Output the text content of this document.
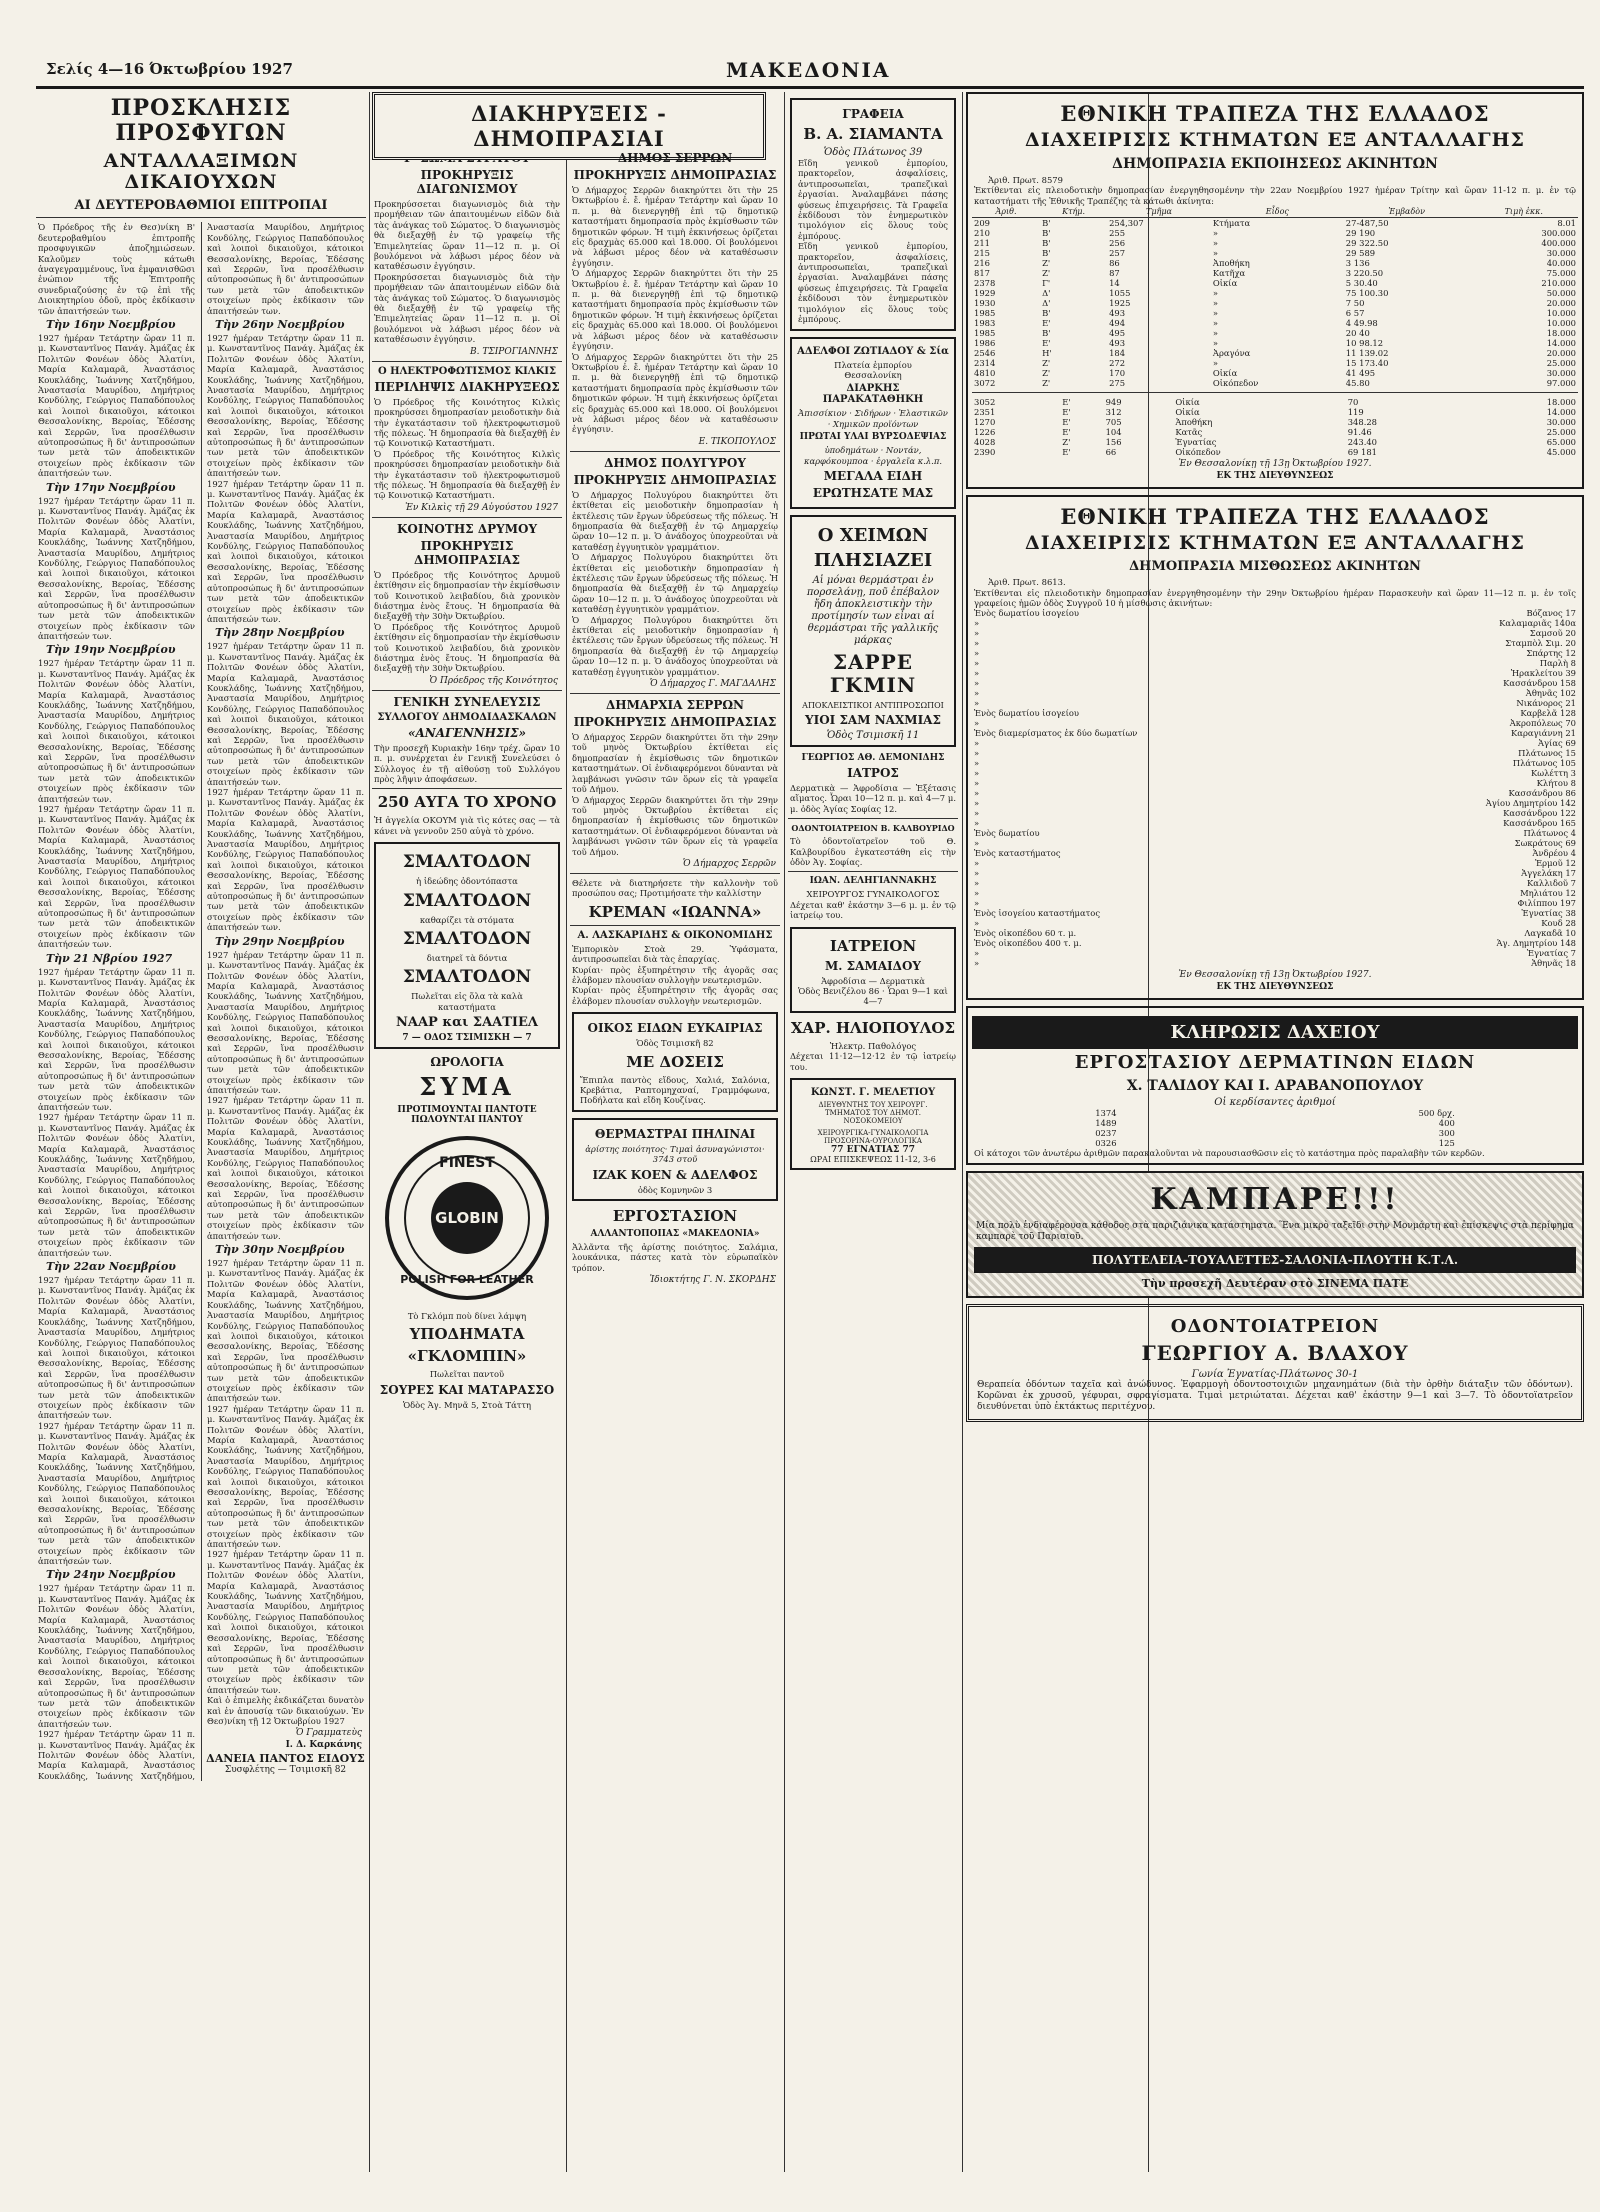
Σελίς 4—16 Όκτωβρίου 1927	ΜΑΚΕΔΟΝΙΑ
ΠΡΟΣΚΛΗΣΙΣ ΠΡΟΣΦΥΓΩΝ
ΑΝΤΑΛΛΑΞΙΜΩΝ ΔΙΚΑΙΟΥΧΩΝ
ΑΙ ΔΕΥΤΕΡΟΒΑΘΜΙΟΙ ΕΠΙΤΡΟΠΑΙ

Ὁ Πρόεδρος τῆς ἐν Θεσ)νίκη Β' δευτεροβαθμίου ἐπιτροπῆς προσφυγικῶν ἀποζημιώσεων. Καλοῦμεν τοὺς κάτωθι ἀναγεγραμμένους, ἵνα ἐμφανισθῶσι ἐνώπιον τῆς Ἐπιτροπῆς συνεδριαζούσης ἐν τῷ ἐπὶ τῆς Διοικητηρίου ὁδοῦ, πρὸς ἐκδίκασιν τῶν ἀπαιτήσεών των.

Τὴν 16ην Νοεμβρίου

1927 ἡμέραν Τετάρτην ὥραν 11 π. μ. Κωνσταντῖνος Πανάγ. Ἀμάζας ἐκ Πολιτῶν Φονέων ὁδὸς Ἀλατίνι, Μαρία Καλαμαρᾶ, Ἀναστάσιος Κουκλάδης, Ἰωάννης Χατζηδήμου, Ἀναστασία Μαυρίδου, Δημήτριος Κονδύλης, Γεώργιος Παπαδόπουλος καὶ λοιποὶ δικαιοῦχοι, κάτοικοι Θεσσαλονίκης, Βεροίας, Ἐδέσσης καὶ Σερρῶν, ἵνα προσέλθωσιν αὐτοπροσώπως ἢ δι' ἀντιπροσώπων των μετὰ τῶν ἀποδεικτικῶν στοιχείων πρὸς ἐκδίκασιν τῶν ἀπαιτήσεών των.

Τὴν 17ην Νοεμβρίου

1927 ἡμέραν Τετάρτην ὥραν 11 π. μ. Κωνσταντῖνος Πανάγ. Ἀμάζας ἐκ Πολιτῶν Φονέων ὁδὸς Ἀλατίνι, Μαρία Καλαμαρᾶ, Ἀναστάσιος Κουκλάδης, Ἰωάννης Χατζηδήμου, Ἀναστασία Μαυρίδου, Δημήτριος Κονδύλης, Γεώργιος Παπαδόπουλος καὶ λοιποὶ δικαιοῦχοι, κάτοικοι Θεσσαλονίκης, Βεροίας, Ἐδέσσης καὶ Σερρῶν, ἵνα προσέλθωσιν αὐτοπροσώπως ἢ δι' ἀντιπροσώπων των μετὰ τῶν ἀποδεικτικῶν στοιχείων πρὸς ἐκδίκασιν τῶν ἀπαιτήσεών των.

Τὴν 19ην Νοεμβρίου

1927 ἡμέραν Τετάρτην ὥραν 11 π. μ. Κωνσταντῖνος Πανάγ. Ἀμάζας ἐκ Πολιτῶν Φονέων ὁδὸς Ἀλατίνι, Μαρία Καλαμαρᾶ, Ἀναστάσιος Κουκλάδης, Ἰωάννης Χατζηδήμου, Ἀναστασία Μαυρίδου, Δημήτριος Κονδύλης, Γεώργιος Παπαδόπουλος καὶ λοιποὶ δικαιοῦχοι, κάτοικοι Θεσσαλονίκης, Βεροίας, Ἐδέσσης καὶ Σερρῶν, ἵνα προσέλθωσιν αὐτοπροσώπως ἢ δι' ἀντιπροσώπων των μετὰ τῶν ἀποδεικτικῶν στοιχείων πρὸς ἐκδίκασιν τῶν ἀπαιτήσεών των.

1927 ἡμέραν Τετάρτην ὥραν 11 π. μ. Κωνσταντῖνος Πανάγ. Ἀμάζας ἐκ Πολιτῶν Φονέων ὁδὸς Ἀλατίνι, Μαρία Καλαμαρᾶ, Ἀναστάσιος Κουκλάδης, Ἰωάννης Χατζηδήμου, Ἀναστασία Μαυρίδου, Δημήτριος Κονδύλης, Γεώργιος Παπαδόπουλος καὶ λοιποὶ δικαιοῦχοι, κάτοικοι Θεσσαλονίκης, Βεροίας, Ἐδέσσης καὶ Σερρῶν, ἵνα προσέλθωσιν αὐτοπροσώπως ἢ δι' ἀντιπροσώπων των μετὰ τῶν ἀποδεικτικῶν στοιχείων πρὸς ἐκδίκασιν τῶν ἀπαιτήσεών των.

Τὴν 21 Νβρίου 1927

1927 ἡμέραν Τετάρτην ὥραν 11 π. μ. Κωνσταντῖνος Πανάγ. Ἀμάζας ἐκ Πολιτῶν Φονέων ὁδὸς Ἀλατίνι, Μαρία Καλαμαρᾶ, Ἀναστάσιος Κουκλάδης, Ἰωάννης Χατζηδήμου, Ἀναστασία Μαυρίδου, Δημήτριος Κονδύλης, Γεώργιος Παπαδόπουλος καὶ λοιποὶ δικαιοῦχοι, κάτοικοι Θεσσαλονίκης, Βεροίας, Ἐδέσσης καὶ Σερρῶν, ἵνα προσέλθωσιν αὐτοπροσώπως ἢ δι' ἀντιπροσώπων των μετὰ τῶν ἀποδεικτικῶν στοιχείων πρὸς ἐκδίκασιν τῶν ἀπαιτήσεών των.

1927 ἡμέραν Τετάρτην ὥραν 11 π. μ. Κωνσταντῖνος Πανάγ. Ἀμάζας ἐκ Πολιτῶν Φονέων ὁδὸς Ἀλατίνι, Μαρία Καλαμαρᾶ, Ἀναστάσιος Κουκλάδης, Ἰωάννης Χατζηδήμου, Ἀναστασία Μαυρίδου, Δημήτριος Κονδύλης, Γεώργιος Παπαδόπουλος καὶ λοιποὶ δικαιοῦχοι, κάτοικοι Θεσσαλονίκης, Βεροίας, Ἐδέσσης καὶ Σερρῶν, ἵνα προσέλθωσιν αὐτοπροσώπως ἢ δι' ἀντιπροσώπων των μετὰ τῶν ἀποδεικτικῶν στοιχείων πρὸς ἐκδίκασιν τῶν ἀπαιτήσεών των.

Τὴν 22αν Νοεμβρίου

1927 ἡμέραν Τετάρτην ὥραν 11 π. μ. Κωνσταντῖνος Πανάγ. Ἀμάζας ἐκ Πολιτῶν Φονέων ὁδὸς Ἀλατίνι, Μαρία Καλαμαρᾶ, Ἀναστάσιος Κουκλάδης, Ἰωάννης Χατζηδήμου, Ἀναστασία Μαυρίδου, Δημήτριος Κονδύλης, Γεώργιος Παπαδόπουλος καὶ λοιποὶ δικαιοῦχοι, κάτοικοι Θεσσαλονίκης, Βεροίας, Ἐδέσσης καὶ Σερρῶν, ἵνα προσέλθωσιν αὐτοπροσώπως ἢ δι' ἀντιπροσώπων των μετὰ τῶν ἀποδεικτικῶν στοιχείων πρὸς ἐκδίκασιν τῶν ἀπαιτήσεών των.

1927 ἡμέραν Τετάρτην ὥραν 11 π. μ. Κωνσταντῖνος Πανάγ. Ἀμάζας ἐκ Πολιτῶν Φονέων ὁδὸς Ἀλατίνι, Μαρία Καλαμαρᾶ, Ἀναστάσιος Κουκλάδης, Ἰωάννης Χατζηδήμου, Ἀναστασία Μαυρίδου, Δημήτριος Κονδύλης, Γεώργιος Παπαδόπουλος καὶ λοιποὶ δικαιοῦχοι, κάτοικοι Θεσσαλονίκης, Βεροίας, Ἐδέσσης καὶ Σερρῶν, ἵνα προσέλθωσιν αὐτοπροσώπως ἢ δι' ἀντιπροσώπων των μετὰ τῶν ἀποδεικτικῶν στοιχείων πρὸς ἐκδίκασιν τῶν ἀπαιτήσεών των.

Τὴν 24ην Νοεμβρίου

1927 ἡμέραν Τετάρτην ὥραν 11 π. μ. Κωνσταντῖνος Πανάγ. Ἀμάζας ἐκ Πολιτῶν Φονέων ὁδὸς Ἀλατίνι, Μαρία Καλαμαρᾶ, Ἀναστάσιος Κουκλάδης, Ἰωάννης Χατζηδήμου, Ἀναστασία Μαυρίδου, Δημήτριος Κονδύλης, Γεώργιος Παπαδόπουλος καὶ λοιποὶ δικαιοῦχοι, κάτοικοι Θεσσαλονίκης, Βεροίας, Ἐδέσσης καὶ Σερρῶν, ἵνα προσέλθωσιν αὐτοπροσώπως ἢ δι' ἀντιπροσώπων των μετὰ τῶν ἀποδεικτικῶν στοιχείων πρὸς ἐκδίκασιν τῶν ἀπαιτήσεών των.

1927 ἡμέραν Τετάρτην ὥραν 11 π. μ. Κωνσταντῖνος Πανάγ. Ἀμάζας ἐκ Πολιτῶν Φονέων ὁδὸς Ἀλατίνι, Μαρία Καλαμαρᾶ, Ἀναστάσιος Κουκλάδης, Ἰωάννης Χατζηδήμου, Ἀναστασία Μαυρίδου, Δημήτριος Κονδύλης, Γεώργιος Παπαδόπουλος καὶ λοιποὶ δικαιοῦχοι, κάτοικοι Θεσσαλονίκης, Βεροίας, Ἐδέσσης καὶ Σερρῶν, ἵνα προσέλθωσιν αὐτοπροσώπως ἢ δι' ἀντιπροσώπων των μετὰ τῶν ἀποδεικτικῶν στοιχείων πρὸς ἐκδίκασιν τῶν ἀπαιτήσεών των.

Τὴν 26ην Νοεμβρίου

1927 ἡμέραν Τετάρτην ὥραν 11 π. μ. Κωνσταντῖνος Πανάγ. Ἀμάζας ἐκ Πολιτῶν Φονέων ὁδὸς Ἀλατίνι, Μαρία Καλαμαρᾶ, Ἀναστάσιος Κουκλάδης, Ἰωάννης Χατζηδήμου, Ἀναστασία Μαυρίδου, Δημήτριος Κονδύλης, Γεώργιος Παπαδόπουλος καὶ λοιποὶ δικαιοῦχοι, κάτοικοι Θεσσαλονίκης, Βεροίας, Ἐδέσσης καὶ Σερρῶν, ἵνα προσέλθωσιν αὐτοπροσώπως ἢ δι' ἀντιπροσώπων των μετὰ τῶν ἀποδεικτικῶν στοιχείων πρὸς ἐκδίκασιν τῶν ἀπαιτήσεών των.

1927 ἡμέραν Τετάρτην ὥραν 11 π. μ. Κωνσταντῖνος Πανάγ. Ἀμάζας ἐκ Πολιτῶν Φονέων ὁδὸς Ἀλατίνι, Μαρία Καλαμαρᾶ, Ἀναστάσιος Κουκλάδης, Ἰωάννης Χατζηδήμου, Ἀναστασία Μαυρίδου, Δημήτριος Κονδύλης, Γεώργιος Παπαδόπουλος καὶ λοιποὶ δικαιοῦχοι, κάτοικοι Θεσσαλονίκης, Βεροίας, Ἐδέσσης καὶ Σερρῶν, ἵνα προσέλθωσιν αὐτοπροσώπως ἢ δι' ἀντιπροσώπων των μετὰ τῶν ἀποδεικτικῶν στοιχείων πρὸς ἐκδίκασιν τῶν ἀπαιτήσεών των.

Τὴν 28ην Νοεμβρίου

1927 ἡμέραν Τετάρτην ὥραν 11 π. μ. Κωνσταντῖνος Πανάγ. Ἀμάζας ἐκ Πολιτῶν Φονέων ὁδὸς Ἀλατίνι, Μαρία Καλαμαρᾶ, Ἀναστάσιος Κουκλάδης, Ἰωάννης Χατζηδήμου, Ἀναστασία Μαυρίδου, Δημήτριος Κονδύλης, Γεώργιος Παπαδόπουλος καὶ λοιποὶ δικαιοῦχοι, κάτοικοι Θεσσαλονίκης, Βεροίας, Ἐδέσσης καὶ Σερρῶν, ἵνα προσέλθωσιν αὐτοπροσώπως ἢ δι' ἀντιπροσώπων των μετὰ τῶν ἀποδεικτικῶν στοιχείων πρὸς ἐκδίκασιν τῶν ἀπαιτήσεών των.

1927 ἡμέραν Τετάρτην ὥραν 11 π. μ. Κωνσταντῖνος Πανάγ. Ἀμάζας ἐκ Πολιτῶν Φονέων ὁδὸς Ἀλατίνι, Μαρία Καλαμαρᾶ, Ἀναστάσιος Κουκλάδης, Ἰωάννης Χατζηδήμου, Ἀναστασία Μαυρίδου, Δημήτριος Κονδύλης, Γεώργιος Παπαδόπουλος καὶ λοιποὶ δικαιοῦχοι, κάτοικοι Θεσσαλονίκης, Βεροίας, Ἐδέσσης καὶ Σερρῶν, ἵνα προσέλθωσιν αὐτοπροσώπως ἢ δι' ἀντιπροσώπων των μετὰ τῶν ἀποδεικτικῶν στοιχείων πρὸς ἐκδίκασιν τῶν ἀπαιτήσεών των.

Τὴν 29ην Νοεμβρίου

1927 ἡμέραν Τετάρτην ὥραν 11 π. μ. Κωνσταντῖνος Πανάγ. Ἀμάζας ἐκ Πολιτῶν Φονέων ὁδὸς Ἀλατίνι, Μαρία Καλαμαρᾶ, Ἀναστάσιος Κουκλάδης, Ἰωάννης Χατζηδήμου, Ἀναστασία Μαυρίδου, Δημήτριος Κονδύλης, Γεώργιος Παπαδόπουλος καὶ λοιποὶ δικαιοῦχοι, κάτοικοι Θεσσαλονίκης, Βεροίας, Ἐδέσσης καὶ Σερρῶν, ἵνα προσέλθωσιν αὐτοπροσώπως ἢ δι' ἀντιπροσώπων των μετὰ τῶν ἀποδεικτικῶν στοιχείων πρὸς ἐκδίκασιν τῶν ἀπαιτήσεών των.

1927 ἡμέραν Τετάρτην ὥραν 11 π. μ. Κωνσταντῖνος Πανάγ. Ἀμάζας ἐκ Πολιτῶν Φονέων ὁδὸς Ἀλατίνι, Μαρία Καλαμαρᾶ, Ἀναστάσιος Κουκλάδης, Ἰωάννης Χατζηδήμου, Ἀναστασία Μαυρίδου, Δημήτριος Κονδύλης, Γεώργιος Παπαδόπουλος καὶ λοιποὶ δικαιοῦχοι, κάτοικοι Θεσσαλονίκης, Βεροίας, Ἐδέσσης καὶ Σερρῶν, ἵνα προσέλθωσιν αὐτοπροσώπως ἢ δι' ἀντιπροσώπων των μετὰ τῶν ἀποδεικτικῶν στοιχείων πρὸς ἐκδίκασιν τῶν ἀπαιτήσεών των.

Τὴν 30ην Νοεμβρίου

1927 ἡμέραν Τετάρτην ὥραν 11 π. μ. Κωνσταντῖνος Πανάγ. Ἀμάζας ἐκ Πολιτῶν Φονέων ὁδὸς Ἀλατίνι, Μαρία Καλαμαρᾶ, Ἀναστάσιος Κουκλάδης, Ἰωάννης Χατζηδήμου, Ἀναστασία Μαυρίδου, Δημήτριος Κονδύλης, Γεώργιος Παπαδόπουλος καὶ λοιποὶ δικαιοῦχοι, κάτοικοι Θεσσαλονίκης, Βεροίας, Ἐδέσσης καὶ Σερρῶν, ἵνα προσέλθωσιν αὐτοπροσώπως ἢ δι' ἀντιπροσώπων των μετὰ τῶν ἀποδεικτικῶν στοιχείων πρὸς ἐκδίκασιν τῶν ἀπαιτήσεών των.

1927 ἡμέραν Τετάρτην ὥραν 11 π. μ. Κωνσταντῖνος Πανάγ. Ἀμάζας ἐκ Πολιτῶν Φονέων ὁδὸς Ἀλατίνι, Μαρία Καλαμαρᾶ, Ἀναστάσιος Κουκλάδης, Ἰωάννης Χατζηδήμου, Ἀναστασία Μαυρίδου, Δημήτριος Κονδύλης, Γεώργιος Παπαδόπουλος καὶ λοιποὶ δικαιοῦχοι, κάτοικοι Θεσσαλονίκης, Βεροίας, Ἐδέσσης καὶ Σερρῶν, ἵνα προσέλθωσιν αὐτοπροσώπως ἢ δι' ἀντιπροσώπων των μετὰ τῶν ἀποδεικτικῶν στοιχείων πρὸς ἐκδίκασιν τῶν ἀπαιτήσεών των.

1927 ἡμέραν Τετάρτην ὥραν 11 π. μ. Κωνσταντῖνος Πανάγ. Ἀμάζας ἐκ Πολιτῶν Φονέων ὁδὸς Ἀλατίνι, Μαρία Καλαμαρᾶ, Ἀναστάσιος Κουκλάδης, Ἰωάννης Χατζηδήμου, Ἀναστασία Μαυρίδου, Δημήτριος Κονδύλης, Γεώργιος Παπαδόπουλος καὶ λοιποὶ δικαιοῦχοι, κάτοικοι Θεσσαλονίκης, Βεροίας, Ἐδέσσης καὶ Σερρῶν, ἵνα προσέλθωσιν αὐτοπροσώπως ἢ δι' ἀντιπροσώπων των μετὰ τῶν ἀποδεικτικῶν στοιχείων πρὸς ἐκδίκασιν τῶν ἀπαιτήσεών των.

Καὶ ὁ ἐπιμελὴς ἐκδικάζεται δυνατὸν καὶ ἐν ἀπουσίᾳ τῶν δικαιούχων. Ἐν Θεσ)νίκη τῇ 12 Ὀκτωβρίου 1927

Ὁ Γραμματεὺς
Ι. Δ. Καρκάνης
ΔΑΝΕΙΑ ΠΑΝΤΟΣ ΕΙΔΟΥΣ
Συσφλέτης — Τσιμισκῆ 82
ΔΙΑΚΗΡΥΞΕΙΣ - ΔΗΜΟΠΡΑΣΙΑΙ
ΠΡΟΚΗΡΥΞΙΣ ΔΙΑΓΩΝΙΣΜΟΥ

Προκηρύσσεται διαγωνισμὸς διὰ τὴν προμήθειαν τῶν ἀπαιτουμένων εἰδῶν διὰ τὰς ἀνάγκας τοῦ Σώματος. Ὁ διαγωνισμὸς θὰ διεξαχθῇ ἐν τῷ γραφείῳ τῆς Ἐπιμελητείας ὥραν 11—12 π. μ. Οἱ βουλόμενοι νὰ λάβωσι μέρος δέον νὰ καταθέσωσιν ἐγγύησιν.

Προκηρύσσεται διαγωνισμὸς διὰ τὴν προμήθειαν τῶν ἀπαιτουμένων εἰδῶν διὰ τὰς ἀνάγκας τοῦ Σώματος. Ὁ διαγωνισμὸς θὰ διεξαχθῇ ἐν τῷ γραφείῳ τῆς Ἐπιμελητείας ὥραν 11—12 π. μ. Οἱ βουλόμενοι νὰ λάβωσι μέρος δέον νὰ καταθέσωσιν ἐγγύησιν.

Β. ΤΣΙΡΟΓΙΑΝΝΗΣ
Ο ΗΛΕΚΤΡΟΦΩΤΙΣΜΟΣ ΚΙΛΚΙΣ
ΠΕΡΙΛΗΨΙΣ ΔΙΑΚΗΡΥΞΕΩΣ

Ὁ Πρόεδρος τῆς Κοινότητος Κιλκὶς προκηρύσσει δημοπρασίαν μειοδοτικὴν διὰ τὴν ἐγκατάστασιν τοῦ ἠλεκτροφωτισμοῦ τῆς πόλεως. Ἡ δημοπρασία θὰ διεξαχθῇ ἐν τῷ Κοινοτικῷ Καταστήματι.

Ὁ Πρόεδρος τῆς Κοινότητος Κιλκὶς προκηρύσσει δημοπρασίαν μειοδοτικὴν διὰ τὴν ἐγκατάστασιν τοῦ ἠλεκτροφωτισμοῦ τῆς πόλεως. Ἡ δημοπρασία θὰ διεξαχθῇ ἐν τῷ Κοινοτικῷ Καταστήματι.

Ἐν Κιλκὶς τῇ 29 Αὐγούστου 1927
ΚΟΙΝΟΤΗΣ ΔΡΥΜΟΥ
ΠΡΟΚΗΡΥΞΙΣ ΔΗΜΟΠΡΑΣΙΑΣ

Ὁ Πρόεδρος τῆς Κοινότητος Δρυμοῦ ἐκτίθησιν εἰς δημοπρασίαν τὴν ἐκμίσθωσιν τοῦ Κοινοτικοῦ λειβαδίου, διὰ χρονικὸν διάστημα ἑνὸς ἔτους. Ἡ δημοπρασία θὰ διεξαχθῇ τὴν 30ὴν Ὀκτωβρίου.

Ὁ Πρόεδρος τῆς Κοινότητος Δρυμοῦ ἐκτίθησιν εἰς δημοπρασίαν τὴν ἐκμίσθωσιν τοῦ Κοινοτικοῦ λειβαδίου, διὰ χρονικὸν διάστημα ἑνὸς ἔτους. Ἡ δημοπρασία θὰ διεξαχθῇ τὴν 30ὴν Ὀκτωβρίου.

Ὁ Πρόεδρος τῆς Κοινότητος
ΓΕΝΙΚΗ ΣΥΝΕΛΕΥΣΙΣ
ΣΥΛΛΟΓΟΥ ΔΗΜΟΔΙΔΑΣΚΑΛΩΝ
«ΑΝΑΓΕΝΝΗΣΙΣ»

Τὴν προσεχῆ Κυριακὴν 16ην τρέχ. ὥραν 10 π. μ. συνέρχεται ἐν Γενικῇ Συνελεύσει ὁ Σύλλογος ἐν τῇ αἰθούσῃ τοῦ Συλλόγου πρὸς λῆψιν ἀποφάσεων.

250 ΑΥΓΑ ΤΟ ΧΡΟΝΟ

Ἡ ἀγγελία ΟΚΟΥΜ γιὰ τὶς κότες σας — τὰ κάνει νὰ γεννοῦν 250 αὐγὰ τὸ χρόνο.

ΣΜΑΛΤΟΔΟΝ
ἡ ἰδεώδης ὀδοντόπαστα
ΣΜΑΛΤΟΔΟΝ
καθαρίζει τὰ στόματα
ΣΜΑΛΤΟΔΟΝ
διατηρεῖ τὰ δόντια
ΣΜΑΛΤΟΔΟΝ
Πωλεῖται εἰς ὅλα τὰ καλὰ καταστήματα
ΝΑΑΡ και ΣΑΑΤΙΕΛ
7 — ΟΔΟΣ ΤΣΙΜΙΣΚΗ — 7
ΩΡΟΛΟΓΙΑ
ΣΥΜΑ
ΠΡΟΤΙΜΟΥΝΤΑΙ ΠΑΝΤΟΤΕ ΠΩΛΟΥΝΤΑΙ ΠΑΝΤΟΥ
FINEST
GLOBIN
POLISH FOR LEATHER
Τὸ Γκλόμπ ποὺ δίνει λάμψη
ΥΠΟΔΗΜΑΤΑ
«ΓΚΛΟΜΠΙΝ»
Πωλεῖται παντοῦ
ΣΟΥΡΕΣ ΚΑΙ ΜΑΤΑΡΑΣΣΟ
Ὁδὸς Ἁγ. Μηνᾶ 5, Στοὰ Τάττη
ΔΗΜΟΣ ΣΕΡΡΩΝ
ΠΡΟΚΗΡΥΞΙΣ ΔΗΜΟΠΡΑΣΙΑΣ

Ὁ Δήμαρχος Σερρῶν διακηρύττει ὅτι τὴν 25 Ὀκτωβρίου ἐ. ἔ. ἡμέραν Τετάρτην καὶ ὥραν 10 π. μ. θὰ διενεργηθῇ ἐπὶ τῷ δημοτικῷ καταστήματι δημοπρασία πρὸς ἐκμίσθωσιν τῶν δημοτικῶν φόρων. Ἡ τιμὴ ἐκκινήσεως ὁρίζεται εἰς δραχμὰς 65.000 καὶ 18.000. Οἱ βουλόμενοι νὰ λάβωσι μέρος δέον νὰ καταθέσωσιν ἐγγύησιν.

Ὁ Δήμαρχος Σερρῶν διακηρύττει ὅτι τὴν 25 Ὀκτωβρίου ἐ. ἔ. ἡμέραν Τετάρτην καὶ ὥραν 10 π. μ. θὰ διενεργηθῇ ἐπὶ τῷ δημοτικῷ καταστήματι δημοπρασία πρὸς ἐκμίσθωσιν τῶν δημοτικῶν φόρων. Ἡ τιμὴ ἐκκινήσεως ὁρίζεται εἰς δραχμὰς 65.000 καὶ 18.000. Οἱ βουλόμενοι νὰ λάβωσι μέρος δέον νὰ καταθέσωσιν ἐγγύησιν.

Ὁ Δήμαρχος Σερρῶν διακηρύττει ὅτι τὴν 25 Ὀκτωβρίου ἐ. ἔ. ἡμέραν Τετάρτην καὶ ὥραν 10 π. μ. θὰ διενεργηθῇ ἐπὶ τῷ δημοτικῷ καταστήματι δημοπρασία πρὸς ἐκμίσθωσιν τῶν δημοτικῶν φόρων. Ἡ τιμὴ ἐκκινήσεως ὁρίζεται εἰς δραχμὰς 65.000 καὶ 18.000. Οἱ βουλόμενοι νὰ λάβωσι μέρος δέον νὰ καταθέσωσιν ἐγγύησιν.

Ε. ΤΙΚΟΠΟΥΛΟΣ
ΔΗΜΟΣ ΠΟΛΥΓΥΡΟΥ
ΠΡΟΚΗΡΥΞΙΣ ΔΗΜΟΠΡΑΣΙΑΣ

Ὁ Δήμαρχος Πολυγύρου διακηρύττει ὅτι ἐκτίθεται εἰς μειοδοτικὴν δημοπρασίαν ἡ ἐκτέλεσις τῶν ἔργων ὑδρεύσεως τῆς πόλεως. Ἡ δημοπρασία θὰ διεξαχθῇ ἐν τῷ Δημαρχείῳ ὥραν 10—12 π. μ. Ὁ ἀνάδοχος ὑποχρεοῦται νὰ καταθέσῃ ἐγγυητικὸν γραμμάτιον.

Ὁ Δήμαρχος Πολυγύρου διακηρύττει ὅτι ἐκτίθεται εἰς μειοδοτικὴν δημοπρασίαν ἡ ἐκτέλεσις τῶν ἔργων ὑδρεύσεως τῆς πόλεως. Ἡ δημοπρασία θὰ διεξαχθῇ ἐν τῷ Δημαρχείῳ ὥραν 10—12 π. μ. Ὁ ἀνάδοχος ὑποχρεοῦται νὰ καταθέσῃ ἐγγυητικὸν γραμμάτιον.

Ὁ Δήμαρχος Πολυγύρου διακηρύττει ὅτι ἐκτίθεται εἰς μειοδοτικὴν δημοπρασίαν ἡ ἐκτέλεσις τῶν ἔργων ὑδρεύσεως τῆς πόλεως. Ἡ δημοπρασία θὰ διεξαχθῇ ἐν τῷ Δημαρχείῳ ὥραν 10—12 π. μ. Ὁ ἀνάδοχος ὑποχρεοῦται νὰ καταθέσῃ ἐγγυητικὸν γραμμάτιον.

Ὁ Δήμαρχος Γ. ΜΑΓΔΑΛΗΣ
ΔΗΜΑΡΧΙΑ ΣΕΡΡΩΝ
ΠΡΟΚΗΡΥΞΙΣ ΔΗΜΟΠΡΑΣΙΑΣ

Ὁ Δήμαρχος Σερρῶν διακηρύττει ὅτι τὴν 29ην τοῦ μηνὸς Ὀκτωβρίου ἐκτίθεται εἰς δημοπρασίαν ἡ ἐκμίσθωσις τῶν δημοτικῶν καταστημάτων. Οἱ ἐνδιαφερόμενοι δύνανται νὰ λαμβάνωσι γνῶσιν τῶν ὅρων εἰς τὰ γραφεῖα τοῦ Δήμου.

Ὁ Δήμαρχος Σερρῶν διακηρύττει ὅτι τὴν 29ην τοῦ μηνὸς Ὀκτωβρίου ἐκτίθεται εἰς δημοπρασίαν ἡ ἐκμίσθωσις τῶν δημοτικῶν καταστημάτων. Οἱ ἐνδιαφερόμενοι δύνανται νὰ λαμβάνωσι γνῶσιν τῶν ὅρων εἰς τὰ γραφεῖα τοῦ Δήμου.

Ὁ Δήμαρχος Σερρῶν

Θέλετε νὰ διατηρήσετε τὴν καλλονὴν τοῦ προσώπου σας; Προτιμήσατε τὴν καλλίστην

ΚΡΕΜΑΝ «ΙΩΑΝΝΑ»
Α. ΛΑΣΚΑΡΙΔΗΣ & ΟΙΚΟΝΟΜΙΔΗΣ

Ἐμπορικὸν Στοὰ 29. Ὑφάσματα, ἀντιπροσωπεῖαι διὰ τὰς ἐπαρχίας.

Κυρίαι· πρὸς ἐξυπηρέτησιν τῆς ἀγορᾶς σας ἐλάβομεν πλουσίαν συλλογὴν νεωτερισμῶν.

Κυρίαι· πρὸς ἐξυπηρέτησιν τῆς ἀγορᾶς σας ἐλάβομεν πλουσίαν συλλογὴν νεωτερισμῶν.

ΟΙΚΟΣ ΕΙΔΩΝ ΕΥΚΑΙΡΙΑΣ
Ὁδὸς Τσιμισκῆ 82
ΜΕ ΔΟΣΕΙΣ

Ἔπιπλα παντὸς εἴδους, Χαλιά, Σαλόνια, Κρεβάτια, Ραπτομηχαναί, Γραμμόφωνα, Ποδήλατα καὶ εἴδη Κουζίνας.

ΘΕΡΜΑΣΤΡΑΙ ΠΗΛΙΝΑΙ

ἀρίστης ποιότητος· Τιμαὶ ἀσυναγώνιστοι· 3743 στοῦ

ΙΖΑΚ ΚΟΕΝ & ΑΔΕΛΦΟΣ
ὁδὸς Κομνηνῶν 3
ΕΡΓΟΣΤΑΣΙΟΝ
ΑΛΛΑΝΤΟΠΟΙΙΑΣ «ΜΑΚΕΔΟΝΙΑ»

Ἀλλᾶντα τῆς ἀρίστης ποιότητος. Σαλάμια, λουκάνικα, πάστες κατὰ τὸν εὐρωπαϊκὸν τρόπον.

Ἰδιοκτήτης Γ. Ν. ΣΚΟΡΔΗΣ
ΓΡΑΦΕΙΑ
Β. Α. ΣΙΑΜΑΝΤΑ
Ὁδὸς Πλάτωνος 39

Εἴδη γενικοῦ ἐμπορίου, πρακτορεῖον, ἀσφαλίσεις, ἀντιπροσωπεῖαι, τραπεζικαὶ ἐργασίαι. Ἀναλαμβάνει πάσης φύσεως ἐπιχειρήσεις. Τὰ Γραφεῖα ἐκδίδουσι τὸν ἐνημερωτικὸν τιμολόγιον εἰς ὅλους τοὺς ἐμπόρους.

Εἴδη γενικοῦ ἐμπορίου, πρακτορεῖον, ἀσφαλίσεις, ἀντιπροσωπεῖαι, τραπεζικαὶ ἐργασίαι. Ἀναλαμβάνει πάσης φύσεως ἐπιχειρήσεις. Τὰ Γραφεῖα ἐκδίδουσι τὸν ἐνημερωτικὸν τιμολόγιον εἰς ὅλους τοὺς ἐμπόρους.

ΑΔΕΛΦΟΙ ΖΩΤΙΑΔΟΥ & Σία
Πλατεία ἐμπορίου
Θεσσαλονίκη
ΔΙΑΡΚΗΣ ΠΑΡΑΚΑΤΑΘΗΚΗ
Ἀπισσίκιον · Σιδήρων · Ἐλαστικῶν · Χημικῶν προϊόντων
ΠΡΩΤΑΙ ΥΛΑΙ ΒΥΡΣΟΔΕΨΙΑΣ
ὑποδημάτων · Νοντάν, καρφόκουμποα · ἐργαλεῖα κ.λ.π.
ΜΕΓΑΛΑ ΕΙΔΗ
ΕΡΩΤΗΣΑΤΕ ΜΑΣ
Ο ΧΕΙΜΩΝ
ΠΛΗΣΙΑΖΕΙ

Αἱ μόναι θερμάστραι ἐν πορσελάνῃ, ποῦ ἐπέβαλον ἤδη ἀποκλειστικὴν τὴν προτίμησίν των εἶναι αἱ θερμάστραι τῆς γαλλικῆς μάρκας

ΣΑΡΡΕ ΓΚΜΙΝ
ΑΠΟΚΛΕΙΣΤΙΚΟΙ ΑΝΤΙΠΡΟΣΩΠΟΙ
ΥΙΟΙ ΣΑΜ ΝΑΧΜΙΑΣ
Ὁδὸς Τσιμισκῆ 11
ΓΕΩΡΓΙΟΣ ΑΘ. ΔΕΜΟΝΙΔΗΣ
ΙΑΤΡΟΣ

Δερματικὰ — Ἀφροδίσια — Ἐξέτασις αἵματος. Ὧραι 10—12 π. μ. καὶ 4—7 μ. μ. ὁδὸς Ἁγίας Σοφίας 12.

ΟΔΟΝΤΟΙΑΤΡΕΙΟΝ Β. ΚΑΛΒΟΥΡΙΔΟ

Τὸ ὀδοντοϊατρεῖον τοῦ Θ. Καλβουρίδου ἐγκατεστάθη εἰς τὴν ὁδὸν Ἁγ. Σοφίας.

ΙΩΑΝ. ΔΕΛΗΓΙΑΝΝΑΚΗΣ
ΧΕΙΡΟΥΡΓΟΣ ΓΥΝΑΙΚΟΛΟΓΟΣ

Δέχεται καθ' ἑκάστην 3—6 μ. μ. ἐν τῷ ἰατρείῳ του.

ΙΑΤΡΕΙΟΝ
Μ. ΣΑΜΑΙΔΟΥ
Ἀφροδίσια — Δερματικὰ
Ὁδὸς Βενιζέλου 86 · Ὧραι 9—1 καὶ 4—7
ΧΑΡ. ΗΛΙΟΠΟΥΛΟΣ
Ἠλεκτρ. Παθολόγος

Δέχεται 11·12—12·12 ἐν τῷ ἰατρείῳ του.

ΚΩΝΣΤ. Γ. ΜΕΛΕΤΙΟΥ
ΔΙΕΥΘΥΝΤΗΣ ΤΟΥ ΧΕΙΡΟΥΡΓ. ΤΜΗΜΑΤΟΣ ΤΟΥ ΔΗΜΟΤ. ΝΟΣΟΚΟΜΕΙΟΥ
ΧΕΙΡΟΥΡΓΙΚΑ-ΓΥΝΑΙΚΟΛΟΓΙΑ
ΠΡΟΣΟΡΙΝΑ-ΟΥΡΟΛΟΓΙΚΑ
77 ΕΓΝΑΤΙΑΣ 77
ΩΡΑΙ ΕΠΙΣΚΕΨΕΩΣ 11-12, 3-6
ΕΘΝΙΚΗ ΤΡΑΠΕΖΑ ΤΗΣ ΕΛΛΑΔΟΣ
ΔΙΑΧΕΙΡΙΣΙΣ ΚΤΗΜΑΤΩΝ ΕΞ ΑΝΤΑΛΛΑΓΗΣ
ΔΗΜΟΠΡΑΣΙΑ ΕΚΠΟΙΗΣΕΩΣ ΑΚΙΝΗΤΩΝ
Ἀριθ. Πρωτ. 8579

Ἐκτίθενται εἰς πλειοδοτικὴν δημοπρασίαν ἐνεργηθησομένην τὴν 22αν Νοεμβρίου 1927 ἡμέραν Τρίτην καὶ ὥραν 11-12 π. μ. ἐν τῷ καταστήματι τῆς Ἐθνικῆς Τραπέζης τὰ κάτωθι ἀκίνητα:

Ἀριθ.	Κτήμ.	Τμῆμα	Εἶδος	Ἐμβαδὸν	Τιμὴ ἐκκ.
209	Β'	254,307	Κτήματα	27-487,50	8.01
210	Β'	255	»	29 190	300.000
211	Β'	256	»	29 322.50	400.000
215	Β'	257	»	29 589	30.000
216	Ζ'	86	Ἀποθήκη	3 136	40.000
817	Ζ'	87	Κατῆχα	3 220.50	75.000
2378	Γ'	14	Οἰκία	5 30.40	210.000
1929	Δ'	1055	»	75 100.30	50.000
1930	Δ'	1925	»	7 50	20.000
1985	Β'	493	»	6 57	10.000
1983	Ε'	494	»	4 49.98	10.000
1985	Β'	495	»	20 40	18.000
1986	Ε'	493	»	10 98.12	14.000
2546	Η'	184	Ἀραγόνα	11 139.02	20.000
2314	Ζ'	272	»	15 173.40	25.000
4810	Ζ'	170	Οἰκία	41 495	30.000
3072	Ζ'	275	Οἰκόπεδον	45.80	97.000
3052	Ε'	949	Οἰκία	70	18.000
2351	Ε'	312	Οἰκία	119	14.000
1270	Ε'	705	Ἀποθήκη	348.28	30.000
1226	Ε'	104	Κατᾶς	91.46	25.000
4028	Ζ'	156	Ἐγνατίας	243.40	65.000
2390	Ε'	66	Οἰκόπεδον	69 181	45.000
Ἐν Θεσσαλονίκῃ τῇ 13ῃ Ὀκτωβρίου 1927.
ΕΚ ΤΗΣ ΔΙΕΥΘΥΝΣΕΩΣ
ΕΘΝΙΚΗ ΤΡΑΠΕΖΑ ΤΗΣ ΕΛΛΑΔΟΣ
ΔΙΑΧΕΙΡΙΣΙΣ ΚΤΗΜΑΤΩΝ ΕΞ ΑΝΤΑΛΛΑΓΗΣ
ΔΗΜΟΠΡΑΣΙΑ ΜΙΣΘΩΣΕΩΣ ΑΚΙΝΗΤΩΝ
Ἀριθ. Πρωτ. 8613.

Ἐκτίθενται εἰς πλειοδοτικὴν δημοπρασίαν ἐνεργηθησομένην τὴν 29ην Ὀκτωβρίου ἡμέραν Παρασκευὴν καὶ ὥραν 11—12 π. μ. ἐν τοῖς γραφείοις ἡμῶν ὁδὸς Συγγροῦ 10 ἡ μίσθωσις ἀκινήτων:

Ἑνὸς δωματίου ἰσογείου	Βόζανος 17
»	Καλαμαριᾶς 140α
»	Σαμσοῦ 20
»	Σταμπὸλ Σιμ. 20
»	Σπάρτης 12
»	Παρλὴ 8
»	Ἡρακλείτου 39
»	Κασσάνδρου 158
»	Ἀθηνᾶς 102
»	Νικάνορος 21
Ἑνὸς δωματίου ἰσογείου	Καρβελᾶ 128
»	Ἀκροπόλεως 70
Ἑνὸς διαμερίσματος ἐκ δύο δωματίων	Καραγιάννη 21
»	Ἀγίας 69
»	Πλάτωνος 15
»	Πλάτωνος 105
»	Κωλέττη 3
»	Κλήτου 8
»	Κασσάνδρου 86
»	Ἀγίου Δημητρίου 142
»	Κασσάνδρου 122
»	Κασσάνδρου 165
Ἑνὸς δωματίου	Πλάτωνος 4
»	Σωκράτους 69
Ἑνὸς καταστήματος	Ἀνδρέου 4
»	Ἑρμοῦ 12
»	Ἀγγελάκη 17
»	Καλλιδοῦ 7
»	Μηλιάτου 12
»	Φιλίππου 197
Ἑνὸς ἰσογείου καταστήματος	Ἐγνατίας 38
»	Κουδ 28
Ἑνὸς οἰκοπέδου 60 τ. μ.	Λαγκαδᾶ 10
Ἑνὸς οἰκοπέδου 400 τ. μ.	Ἁγ. Δημητρίου 148
»	Ἐγνατίας 7
»	Ἀθηνᾶς 18
Ἐν Θεσσαλονίκῃ τῇ 13ῃ Ὀκτωβρίου 1927.
ΕΚ ΤΗΣ ΔΙΕΥΘΥΝΣΕΩΣ
ΚΛΗΡΩΣΙΣ ΔΑΧΕΙΟΥ
ΕΡΓΟΣΤΑΣΙΟΥ ΔΕΡΜΑΤΙΝΩΝ ΕΙΔΩΝ
Χ. ΤΑΛΙΔΟΥ ΚΑΙ Ι. ΑΡΑΒΑΝΟΠΟΥΛΟΥ
Οἱ κερδίσαντες ἀριθμοί
1374	500 δρχ.
1489	400
0237	300
0326	125

Οἱ κάτοχοι τῶν ἀνωτέρω ἀριθμῶν παρακαλοῦνται νὰ παρουσιασθῶσιν εἰς τὸ κατάστημα πρὸς παραλαβὴν τῶν κερδῶν.

ΚΑΜΠΑΡΕ!!!

Μία πολὺ ἐνδιαφέρουσα κάθοδος στὰ παριζιάνικα κατάστηματα. Ἕνα μικρὸ ταξεῖδι στὴν Μονμάρτη καὶ ἐπίσκεψις στὰ περίφημα καμπαρὲ τοῦ Παρισιοῦ.

ΠΟΛΥΤΕΛΕΙΑ-ΤΟΥΑΛΕΤΤΕΣ-ΣΑΛΟΝΙΑ-ΠΛΟΥΤΗ Κ.Τ.Λ.
Τὴν προσεχῆ Δευτέραν στὸ ΣΙΝΕΜΑ ΠΑΤΕ
ΟΔΟΝΤΟΙΑΤΡΕΙΟΝ
ΓΕΩΡΓΙΟΥ Α. ΒΛΑΧΟΥ
Γωνία Ἐγνατίας-Πλάτωνος 30-1

Θεραπεία ὀδόντων ταχεῖα καὶ ἀνώδυνος. Ἐφαρμογὴ ὀδοντοστοιχιῶν μηχανημάτων (διὰ τὴν ὀρθὴν διάταξιν τῶν ὀδόντων). Κορῶναι ἐκ χρυσοῦ, γέφυραι, σφραγίσματα. Τιμαὶ μετριώταται. Δέχεται καθ' ἑκάστην 9—1 καὶ 3—7. Τὸ ὀδοντοϊατρεῖον διευθύνεται ὑπὸ ἐκτάκτως περιτέχνου.
